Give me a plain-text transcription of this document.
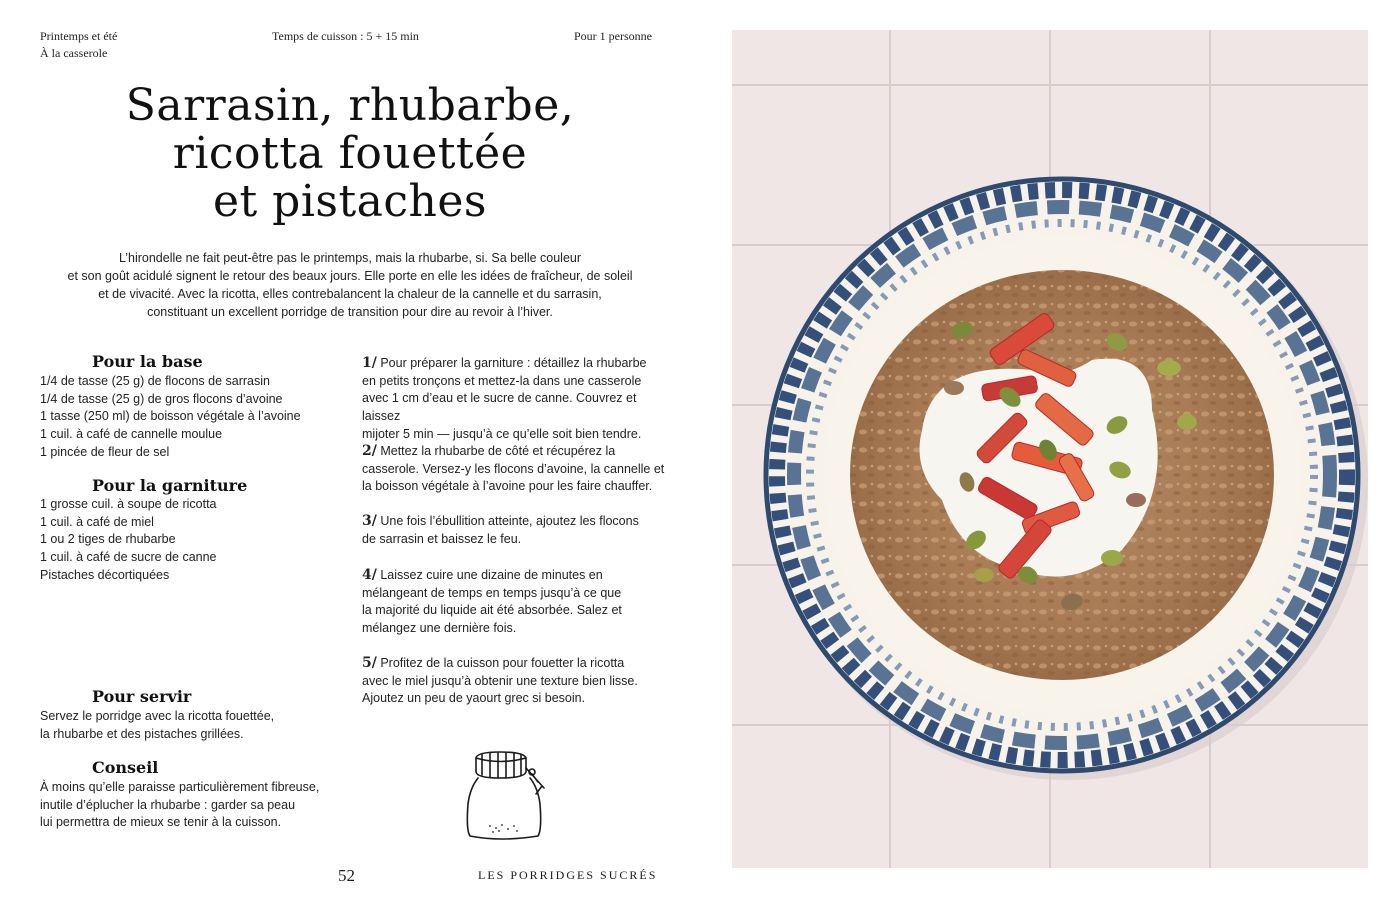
Printemps et été
À la casserole
Temps de cuisson : 5 + 15 min	Pour 1 personne
Sarrasin, rhubarbe,
ricotta fouettée
et pistaches
L’hirondelle ne fait peut-être pas le printemps, mais la rhubarbe, si. Sa belle couleur
et son goût acidulé signent le retour des beaux jours. Elle porte en elle les idées de fraîcheur, de soleil
et de vivacité. Avec la ricotta, elles contrebalancent la chaleur de la cannelle et du sarrasin,
constituant un excellent porridge de transition pour dire au revoir à l’hiver.
Pour la base
1/4 de tasse (25 g) de flocons de sarrasin
1/4 de tasse (25 g) de gros flocons d’avoine
1 tasse (250 ml) de boisson végétale à l’avoine
1 cuil. à café de cannelle moulue
1 pincée de fleur de sel
Pour la garniture
1 grosse cuil. à soupe de ricotta
1 cuil. à café de miel
1 ou 2 tiges de rhubarbe
1 cuil. à café de sucre de canne
Pistaches décortiquées
Pour servir
Servez le porridge avec la ricotta fouettée,
la rhubarbe et des pistaches grillées.
Conseil
À moins qu’elle paraisse particulièrement fibreuse,
inutile d’éplucher la rhubarbe : garder sa peau
lui permettra de mieux se tenir à la cuisson.
1/ Pour préparer la garniture : détaillez la rhubarbe
en petits tronçons et mettez-la dans une casserole
avec 1 cm d’eau et le sucre de canne. Couvrez et laissez
mijoter 5 min — jusqu’à ce qu’elle soit bien tendre.
2/ Mettez la rhubarbe de côté et récupérez la
casserole. Versez-y les flocons d’avoine, la cannelle et
la boisson végétale à l’avoine pour les faire chauffer.
3/ Une fois l’ébullition atteinte, ajoutez les flocons
de sarrasin et baissez le feu.
4/ Laissez cuire une dizaine de minutes en
mélangeant de temps en temps jusqu’à ce que
la majorité du liquide ait été absorbée. Salez et
mélangez une dernière fois.
5/ Profitez de la cuisson pour fouetter la ricotta
avec le miel jusqu’à obtenir une texture bien lisse.
Ajoutez un peu de yaourt grec si besoin.
52	LES PORRIDGES SUCRÉS
